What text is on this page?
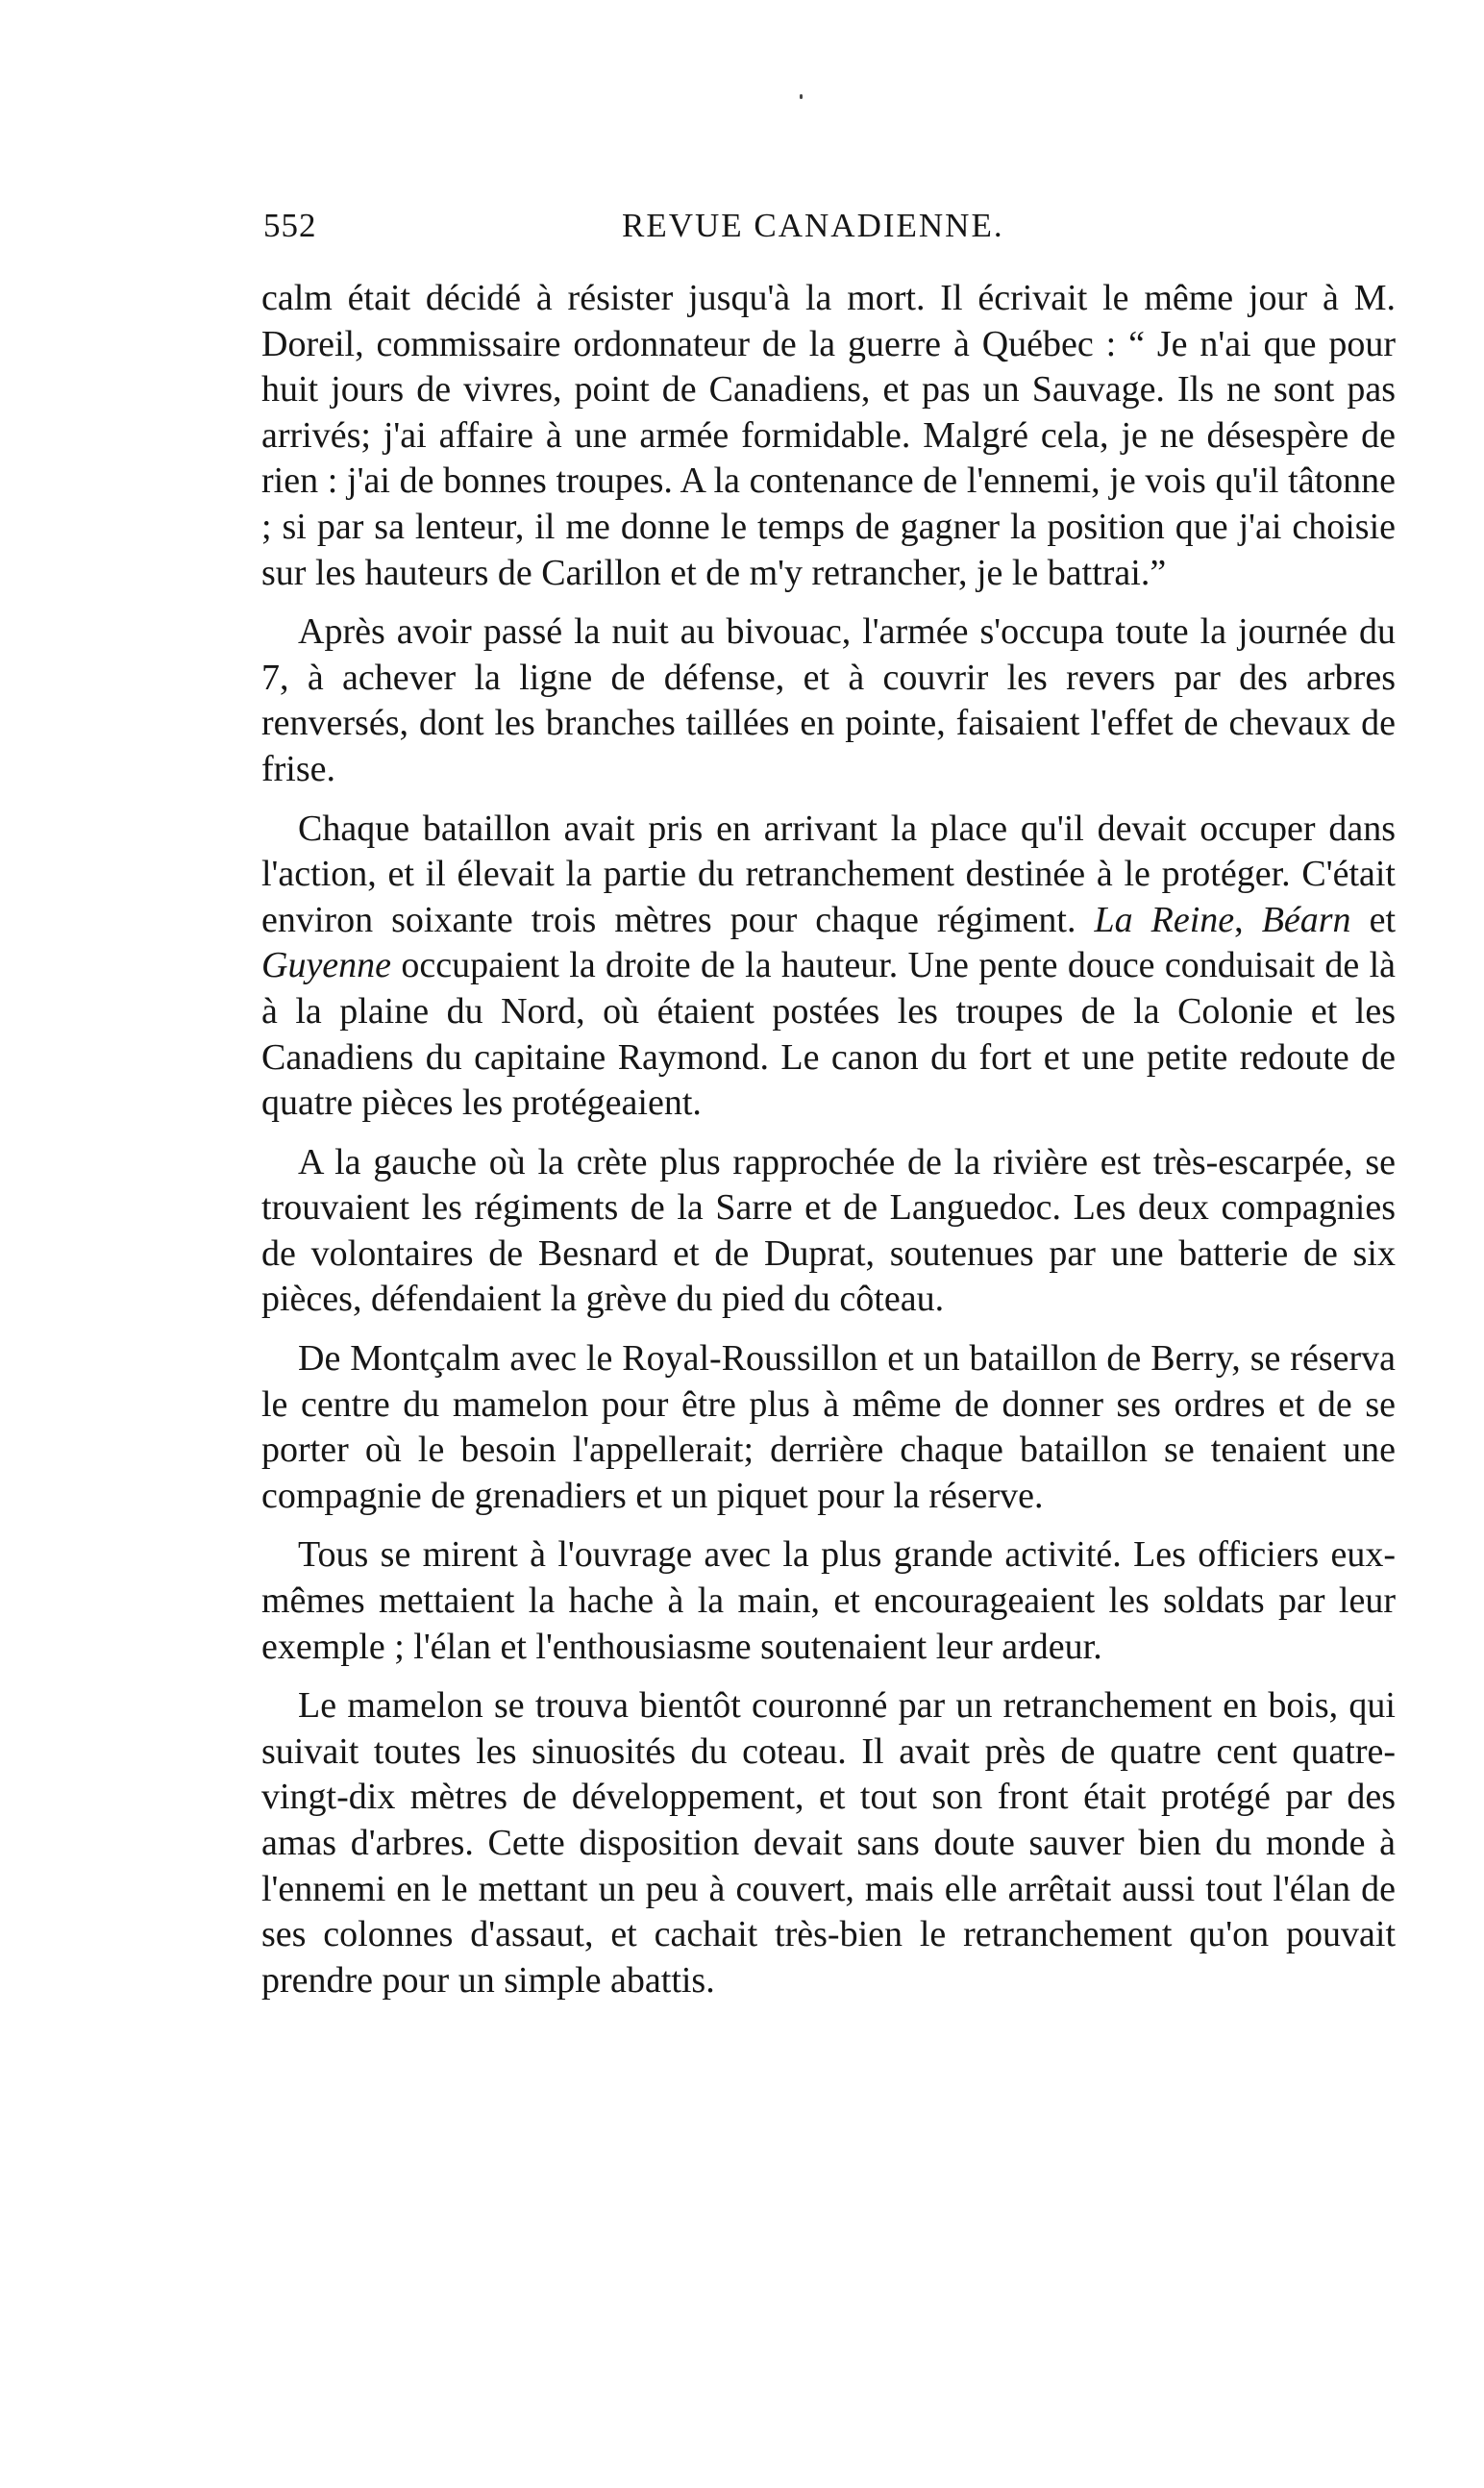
552	REVUE CANADIENNE.

calm était décidé à résister jusqu'à la mort. Il écrivait le même jour à M. Doreil, commissaire ordonnateur de la guerre à Québec : “ Je n'ai que pour huit jours de vivres, point de Canadiens, et pas un Sauvage. Ils ne sont pas arrivés; j'ai affaire à une armée formidable. Malgré cela, je ne désespère de rien : j'ai de bonnes troupes. A la contenance de l'ennemi, je vois qu'il tâtonne ; si par sa lenteur, il me donne le temps de gagner la position que j'ai choisie sur les hauteurs de Carillon et de m'y retrancher, je le battrai.”

Après avoir passé la nuit au bivouac, l'armée s'occupa toute la journée du 7, à achever la ligne de défense, et à couvrir les revers par des arbres renversés, dont les branches taillées en pointe, faisaient l'effet de chevaux de frise.

Chaque bataillon avait pris en arrivant la place qu'il devait occuper dans l'action, et il élevait la partie du retranchement destinée à le protéger. C'était environ soixante trois mètres pour chaque régiment. La Reine, Béarn et Guyenne occupaient la droite de la hauteur. Une pente douce conduisait de là à la plaine du Nord, où étaient postées les troupes de la Colonie et les Canadiens du capitaine Raymond. Le canon du fort et une petite redoute de quatre pièces les protégeaient.

A la gauche où la crète plus rapprochée de la rivière est très-escarpée, se trouvaient les régiments de la Sarre et de Languedoc. Les deux compagnies de volontaires de Besnard et de Duprat, soutenues par une batterie de six pièces, défendaient la grève du pied du côteau.

De Montçalm avec le Royal-Roussillon et un bataillon de Berry, se réserva le centre du mamelon pour être plus à même de donner ses ordres et de se porter où le besoin l'appellerait; derrière chaque bataillon se tenaient une compagnie de grenadiers et un piquet pour la réserve.

Tous se mirent à l'ouvrage avec la plus grande activité. Les officiers eux-mêmes mettaient la hache à la main, et encourageaient les soldats par leur exemple ; l'élan et l'enthousiasme soutenaient leur ardeur.

Le mamelon se trouva bientôt couronné par un retranchement en bois, qui suivait toutes les sinuosités du coteau. Il avait près de quatre cent quatre-vingt-dix mètres de développement, et tout son front était protégé par des amas d'arbres. Cette disposition devait sans doute sauver bien du monde à l'ennemi en le mettant un peu à couvert, mais elle arrêtait aussi tout l'élan de ses colonnes d'assaut, et cachait très-bien le retranchement qu'on pouvait prendre pour un simple abattis.
